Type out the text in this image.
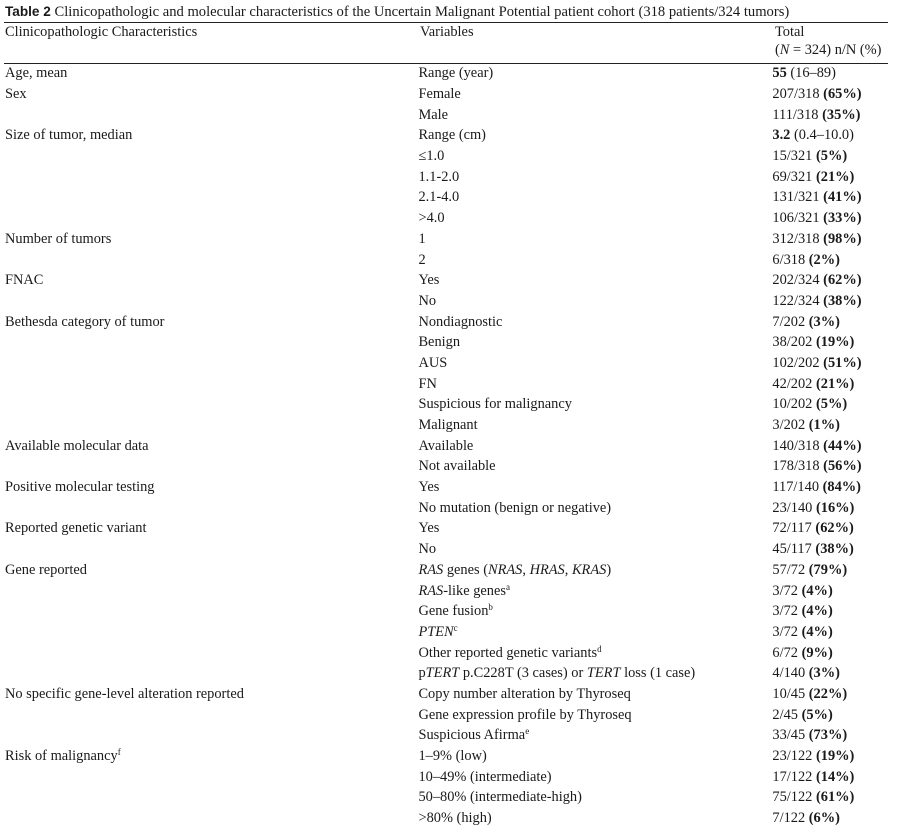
Table 2 Clinicopathologic and molecular characteristics of the Uncertain Malignant Potential patient cohort (318 patients/324 tumors)
Clinicopathologic Characteristics	Variables	Total
(N = 324) n/N (%)
Age, mean	Range (year)	55 (16–89)
Sex	Female	207/318 (65%)
	Male	111/318 (35%)
Size of tumor, median	Range (cm)	3.2 (0.4–10.0)
	≤1.0	15/321 (5%)
	1.1-2.0	69/321 (21%)
	2.1-4.0	131/321 (41%)
	>4.0	106/321 (33%)
Number of tumors	1	312/318 (98%)
	2	6/318 (2%)
FNAC	Yes	202/324 (62%)
	No	122/324 (38%)
Bethesda category of tumor	Nondiagnostic	7/202 (3%)
	Benign	38/202 (19%)
	AUS	102/202 (51%)
	FN	42/202 (21%)
	Suspicious for malignancy	10/202 (5%)
	Malignant	3/202 (1%)
Available molecular data	Available	140/318 (44%)
	Not available	178/318 (56%)
Positive molecular testing	Yes	117/140 (84%)
	No mutation (benign or negative)	23/140 (16%)
Reported genetic variant	Yes	72/117 (62%)
	No	45/117 (38%)
Gene reported	RAS genes (NRAS, HRAS, KRAS)	57/72 (79%)
	RAS-like genes$^a$	3/72 (4%)
	Gene fusion$^b$	3/72 (4%)
	PTEN$^c$	3/72 (4%)
	Other reported genetic variants$^d$	6/72 (9%)
	pTERT p.C228T (3 cases) or TERT loss (1 case)	4/140 (3%)
No specific gene-level alteration reported	Copy number alteration by Thyroseq	10/45 (22%)
	Gene expression profile by Thyroseq	2/45 (5%)
	Suspicious Afirma$^e$	33/45 (73%)
Risk of malignancy$^f$	1–9% (low)	23/122 (19%)
	10–49% (intermediate)	17/122 (14%)
	50–80% (intermediate-high)	75/122 (61%)
	>80% (high)	7/122 (6%)
